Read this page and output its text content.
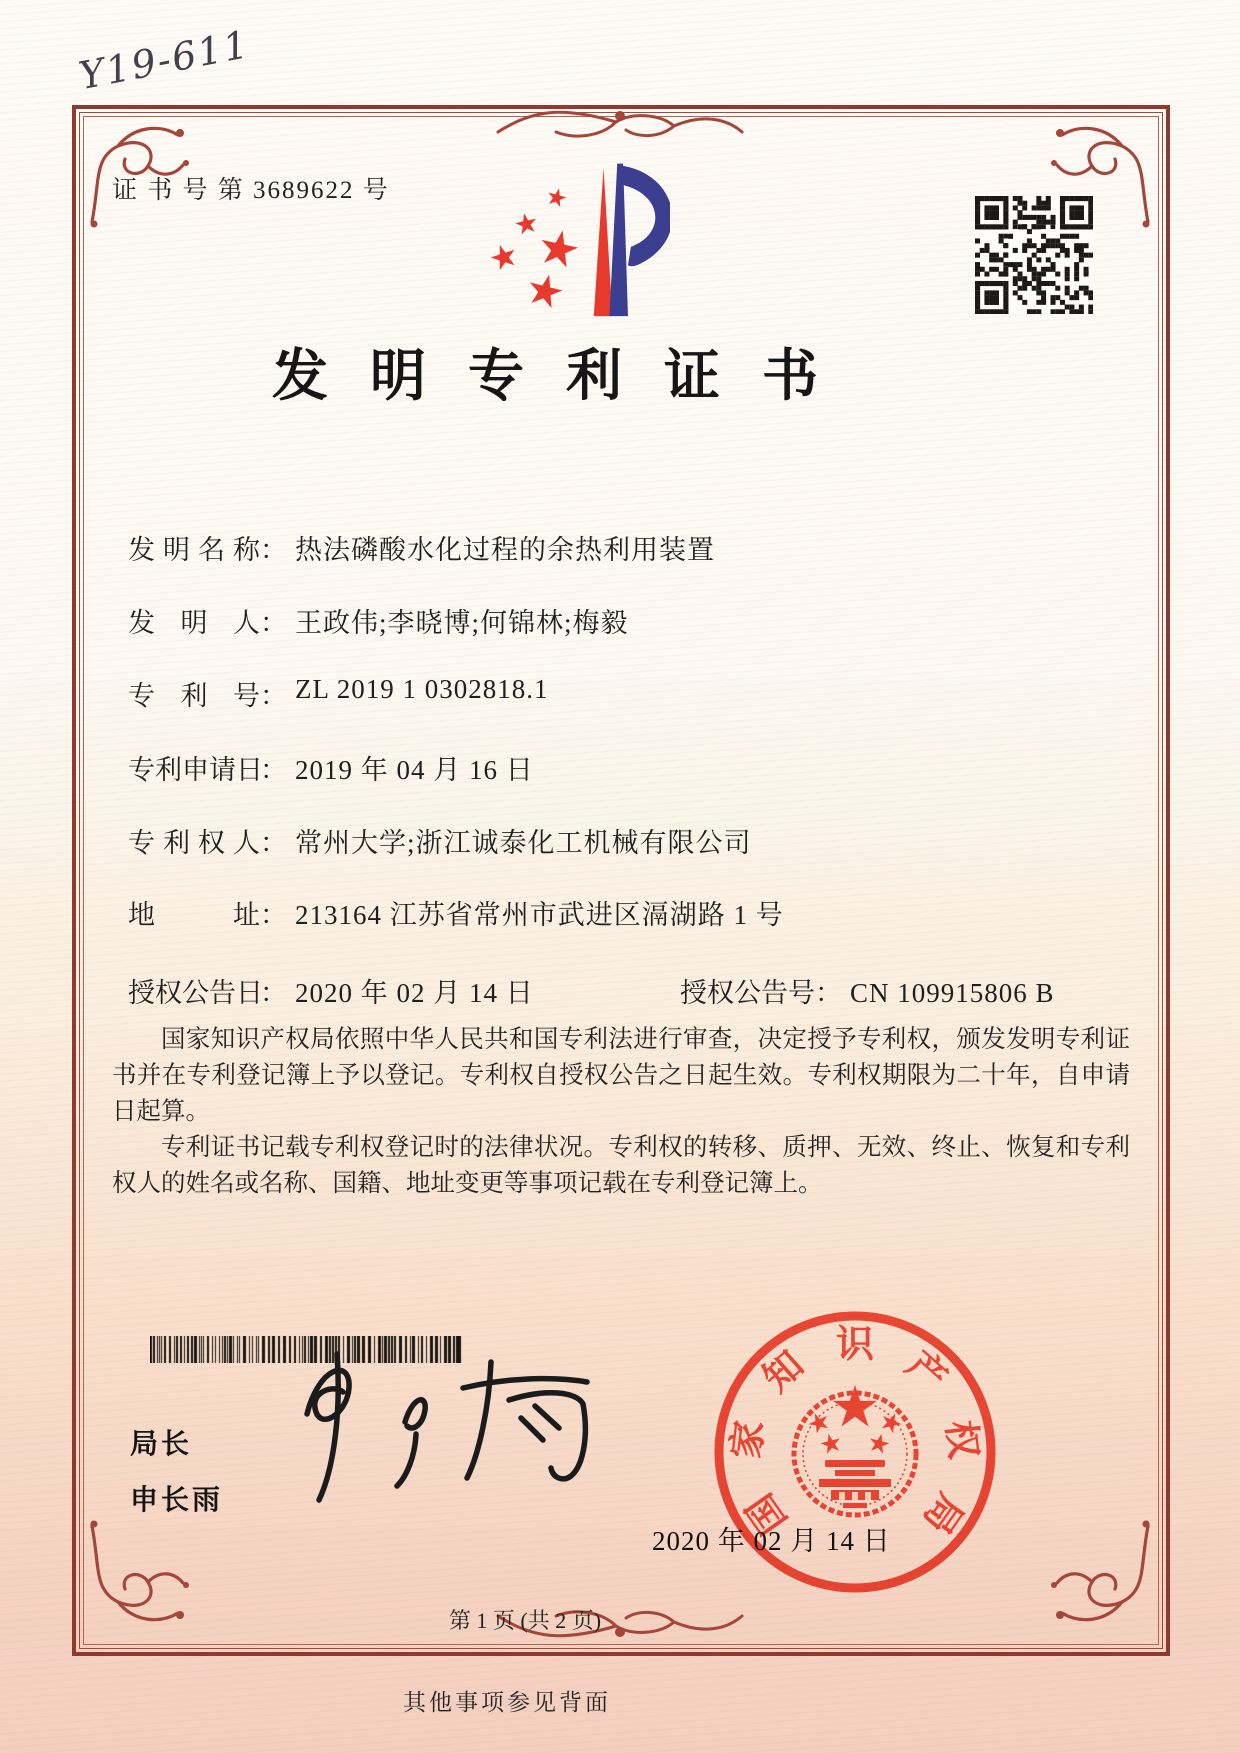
Y19-611
证 书 号 第 3689622 号
发明专利证书
发明名称： 热法磷酸水化过程的余热利用装置
发明人： 王政伟;李晓博;何锦林;梅毅
专利号： ZL 2019 1 0302818.1
专利申请日： 2019 年 04 月 16 日
专利权人： 常州大学;浙江诚泰化工机械有限公司
地址： 213164 江苏省常州市武进区滆湖路 1 号
授权公告日： 2020 年 02 月 14 日	授权公告号： CN 109915806 B

国家知识产权局依照中华人民共和国专利法进行审查，决定授予专利权，颁发发明专利证书并在专利登记簿上予以登记。专利权自授权公告之日起生效。专利权期限为二十年，自申请日起算。

专利证书记载专利权登记时的法律状况。专利权的转移、质押、无效、终止、恢复和专利权人的姓名或名称、国籍、地址变更等事项记载在专利登记簿上。

局长
申长雨	国
家
知 识 产
权
局
2020 年 02 月 14 日
第 1 页 (共 2 页)
其他事项参见背面
